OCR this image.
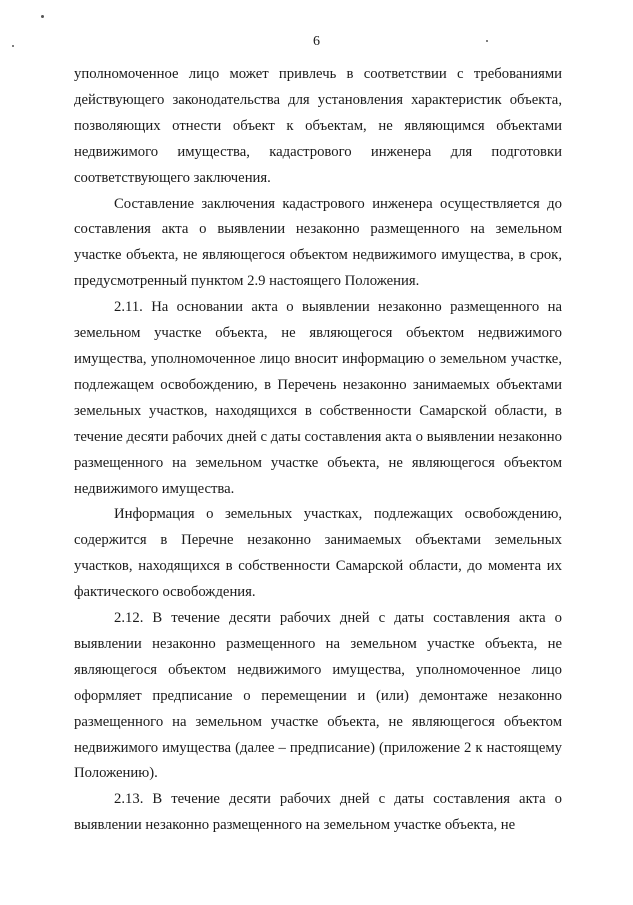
6

уполномоченное лицо может привлечь в соответствии с требованиями действующего законодательства для установления характеристик объекта, позволяющих отнести объект к объектам, не являющимся объектами недвижимого имущества, кадастрового инженера для подготовки соответствующего заключения.

Составление заключения кадастрового инженера осуществляется до составления акта о выявлении незаконно размещенного на земельном участке объекта, не являющегося объектом недвижимого имущества, в срок, предусмотренный пунктом 2.9 настоящего Положения.

2.11. На основании акта о выявлении незаконно размещенного на земельном участке объекта, не являющегося объектом недвижимого имущества, уполномоченное лицо вносит информацию о земельном участке, подлежащем освобождению, в Перечень незаконно занимаемых объектами земельных участков, находящихся в собственности Самарской области, в течение десяти рабочих дней с даты составления акта о выявлении незаконно размещенного на земельном участке объекта, не являющегося объектом недвижимого имущества.

Информация о земельных участках, подлежащих освобождению, содержится в Перечне незаконно занимаемых объектами земельных участков, находящихся в собственности Самарской области, до момента их фактического освобождения.

2.12. В течение десяти рабочих дней с даты составления акта о выявлении незаконно размещенного на земельном участке объекта, не являющегося объектом недвижимого имущества, уполномоченное лицо оформляет предписание о перемещении и (или) демонтаже незаконно размещенного на земельном участке объекта, не являющегося объектом недвижимого имущества (далее – предписание) (приложение 2 к настоящему Положению).

2.13. В течение десяти рабочих дней с даты составления акта о выявлении незаконно размещенного на земельном участке объекта, не
